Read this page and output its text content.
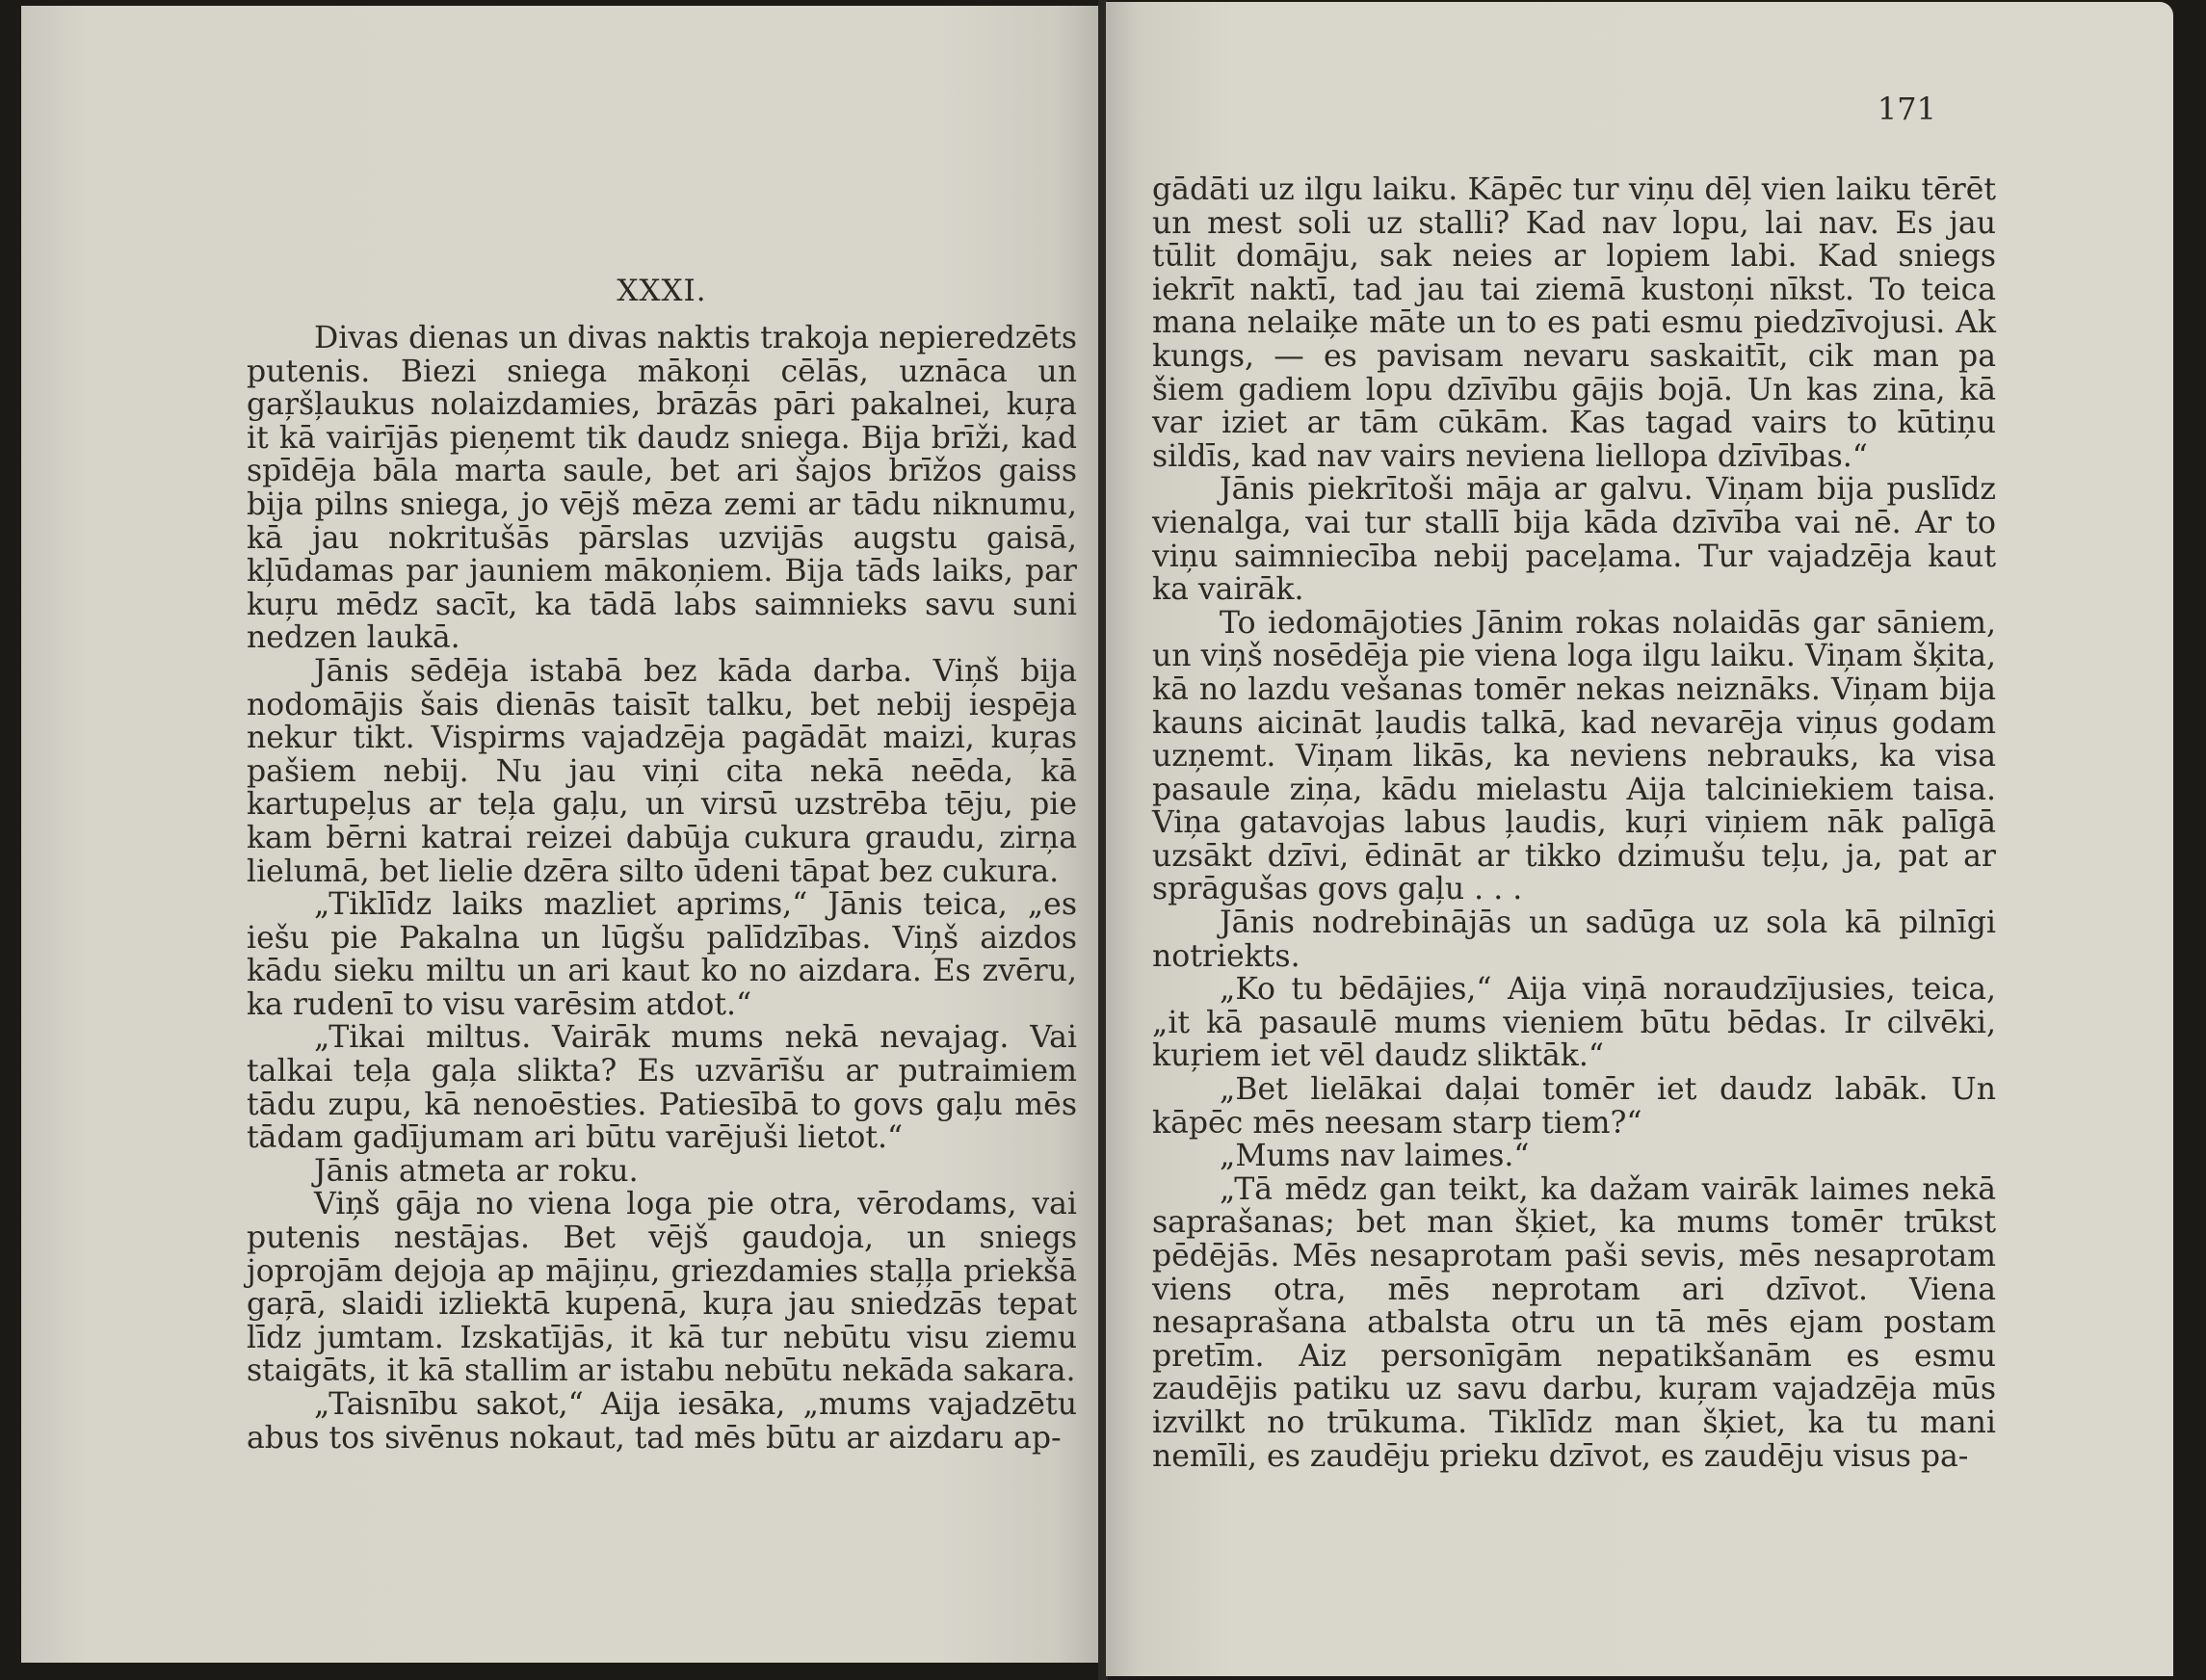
XXXI.

Divas dienas un divas naktis trakoja nepieredzēts putenis. Biezi sniega mākoņi cēlās, uznāca un gaŗšļaukus nolaizdamies, brāzās pāri pakalnei, kuŗa it kā vairījās pieņemt tik daudz sniega. Bija brīži, kad spīdēja bāla marta saule, bet ari šajos brīžos gaiss bija pilns sniega, jo vējš mēza zemi ar tādu niknumu, kā jau nokritušās pārslas uzvijās augstu gaisā, kļūdamas par jauniem mākoņiem. Bija tāds laiks, par kuŗu mēdz sacīt, ka tādā labs saimnieks savu suni nedzen laukā.

Jānis sēdēja istabā bez kāda darba. Viņš bija nodomājis šais dienās taisīt talku, bet nebij iespēja nekur tikt. Vispirms vajadzēja pagādāt maizi, kuŗas pašiem nebij. Nu jau viņi cita nekā neēda, kā kartupeļus ar teļa gaļu, un virsū uzstrēba tēju, pie kam bērni katrai reizei dabūja cukura graudu, zirņa lielumā, bet lielie dzēra silto ūdeni tāpat bez cukura.

„Tiklīdz laiks mazliet aprims,“ Jānis teica, „es iešu pie Pakalna un lūgšu palīdzības. Viņš aizdos kādu sieku miltu un ari kaut ko no aizdara. Es zvēru, ka rudenī to visu varēsim atdot.“

„Tikai miltus. Vairāk mums nekā nevajag. Vai talkai teļa gaļa slikta? Es uzvārīšu ar putraimiem tādu zupu, kā nenoēsties. Patiesībā to govs gaļu mēs tādam gadījumam ari būtu varējuši lietot.“

Jānis atmeta ar roku.

Viņš gāja no viena loga pie otra, vērodams, vai putenis nestājas. Bet vējš gaudoja, un sniegs joprojām dejoja ap mājiņu, griezdamies staļļa priekšā gaŗā, slaidi izliektā kupenā, kuŗa jau sniedzās tepat līdz jumtam. Izskatījās, it kā tur nebūtu visu ziemu staigāts, it kā stallim ar istabu nebūtu nekāda sakara.

„Taisnību sakot,“ Aija iesāka, „mums vajadzētu abus tos sivēnus nokaut, tad mēs būtu ar aizdaru ap-

171

gādāti uz ilgu laiku. Kāpēc tur viņu dēļ vien laiku tērēt un mest soli uz stalli? Kad nav lopu, lai nav. Es jau tūlit domāju, sak neies ar lopiem labi. Kad sniegs iekrīt naktī, tad jau tai ziemā kustoņi nīkst. To teica mana nelaiķe māte un to es pati esmu piedzīvojusi. Ak kungs, — es pavisam nevaru saskaitīt, cik man pa šiem gadiem lopu dzīvību gājis bojā. Un kas zina, kā var iziet ar tām cūkām. Kas tagad vairs to kūtiņu sildīs, kad nav vairs neviena liellopa dzīvības.“

Jānis piekrītoši māja ar galvu. Viņam bija puslīdz vienalga, vai tur stallī bija kāda dzīvība vai nē. Ar to viņu saimniecība nebij paceļama. Tur vajadzēja kaut ka vairāk.

To iedomājoties Jānim rokas nolaidās gar sāniem, un viņš nosēdēja pie viena loga ilgu laiku. Viņam šķita, kā no lazdu vešanas tomēr nekas neiznāks. Viņam bija kauns aicināt ļaudis talkā, kad nevarēja viņus godam uzņemt. Viņam likās, ka neviens nebrauks, ka visa pasaule ziņa, kādu mielastu Aija talciniekiem taisa. Viņa gatavojas labus ļaudis, kuŗi viņiem nāk palīgā uzsākt dzīvi, ēdināt ar tikko dzimušu teļu, ja, pat ar sprāgušas govs gaļu . . .

Jānis nodrebinājās un sadūga uz sola kā pilnīgi notriekts.

„Ko tu bēdājies,“ Aija viņā noraudzījusies, teica, „it kā pasaulē mums vieniem būtu bēdas. Ir cilvēki, kuŗiem iet vēl daudz sliktāk.“

„Bet lielākai daļai tomēr iet daudz labāk. Un kāpēc mēs neesam starp tiem?“

„Mums nav laimes.“

„Tā mēdz gan teikt, ka dažam vairāk laimes nekā saprašanas; bet man šķiet, ka mums tomēr trūkst pēdējās. Mēs nesaprotam paši sevis, mēs nesaprotam viens otra, mēs neprotam ari dzīvot. Viena nesaprašana atbalsta otru un tā mēs ejam postam pretīm. Aiz personīgām nepatikšanām es esmu zaudējis patiku uz savu darbu, kuŗam vajadzēja mūs izvilkt no trūkuma. Tiklīdz man šķiet, ka tu mani nemīli, es zaudēju prieku dzīvot, es zaudēju visus pa-
